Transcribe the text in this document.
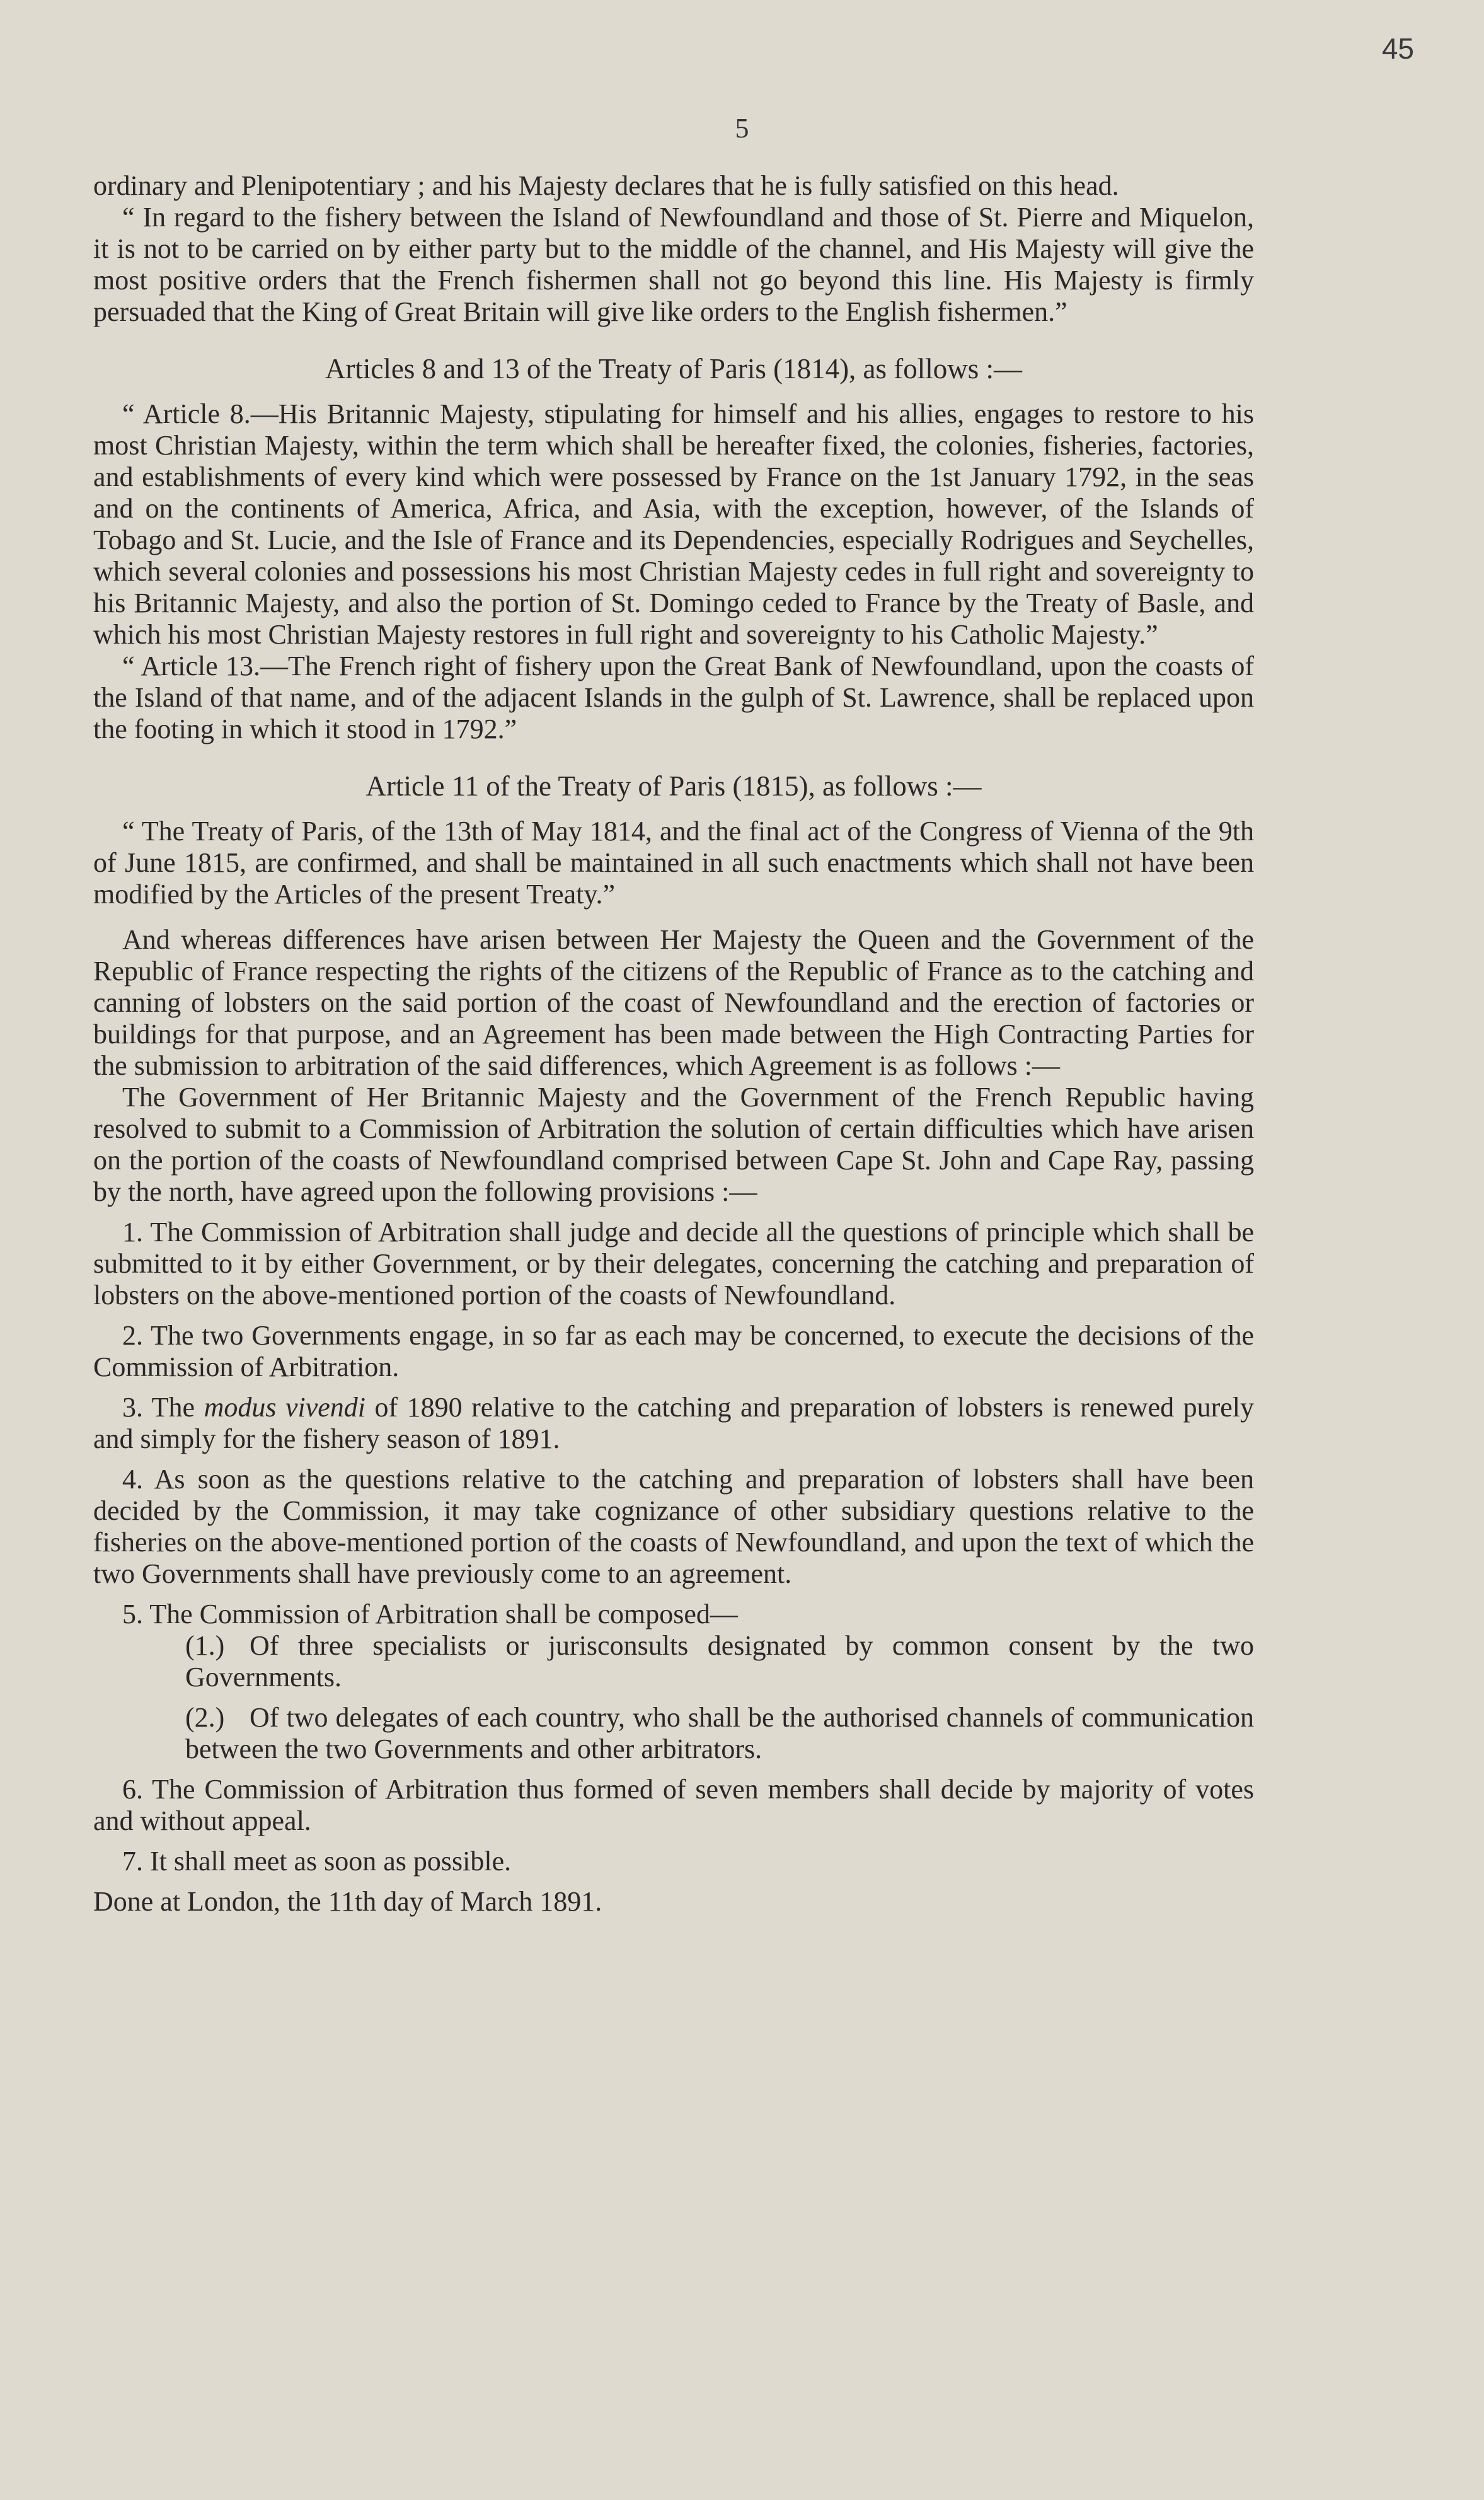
45
5

ordinary and Plenipotentiary ; and his Majesty declares that he is fully satisfied on this head.

“ In regard to the fishery between the Island of Newfoundland and those of St. Pierre and Miquelon, it is not to be carried on by either party but to the middle of the channel, and His Majesty will give the most positive orders that the French fishermen shall not go beyond this line. His Majesty is firmly persuaded that the King of Great Britain will give like orders to the English fishermen.”

Articles 8 and 13 of the Treaty of Paris (1814), as follows :—

“ Article 8.—His Britannic Majesty, stipulating for himself and his allies, engages to restore to his most Christian Majesty, within the term which shall be hereafter fixed, the colonies, fisheries, factories, and establishments of every kind which were possessed by France on the 1st January 1792, in the seas and on the continents of America, Africa, and Asia, with the exception, however, of the Islands of Tobago and St. Lucie, and the Isle of France and its Dependencies, especially Rodrigues and Seychelles, which several colonies and possessions his most Christian Majesty cedes in full right and sovereignty to his Britannic Majesty, and also the portion of St. Domingo ceded to France by the Treaty of Basle, and which his most Christian Majesty restores in full right and sovereignty to his Catholic Majesty.”

“ Article 13.—The French right of fishery upon the Great Bank of Newfoundland, upon the coasts of the Island of that name, and of the adjacent Islands in the gulph of St. Lawrence, shall be replaced upon the footing in which it stood in 1792.”

Article 11 of the Treaty of Paris (1815), as follows :—

“ The Treaty of Paris, of the 13th of May 1814, and the final act of the Congress of Vienna of the 9th of June 1815, are confirmed, and shall be maintained in all such enactments which shall not have been modified by the Articles of the present Treaty.”

And whereas differences have arisen between Her Majesty the Queen and the Government of the Republic of France respecting the rights of the citizens of the Republic of France as to the catching and canning of lobsters on the said portion of the coast of Newfoundland and the erection of factories or buildings for that purpose, and an Agreement has been made between the High Contracting Parties for the submission to arbitration of the said differences, which Agreement is as follows :—

The Government of Her Britannic Majesty and the Government of the French Republic having resolved to submit to a Commission of Arbitration the solution of certain difficulties which have arisen on the portion of the coasts of Newfoundland comprised between Cape St. John and Cape Ray, passing by the north, have agreed upon the following provisions :—

1. The Commission of Arbitration shall judge and decide all the questions of principle which shall be submitted to it by either Government, or by their delegates, concerning the catching and preparation of lobsters on the above-mentioned portion of the coasts of Newfoundland.

2. The two Governments engage, in so far as each may be concerned, to execute the decisions of the Commission of Arbitration.

3. The modus vivendi of 1890 relative to the catching and preparation of lobsters is renewed purely and simply for the fishery season of 1891.

4. As soon as the questions relative to the catching and preparation of lobsters shall have been decided by the Commission, it may take cognizance of other subsidiary questions relative to the fisheries on the above-mentioned portion of the coasts of Newfoundland, and upon the text of which the two Governments shall have previously come to an agreement.

5. The Commission of Arbitration shall be composed—

(1.) Of three specialists or jurisconsults designated by common consent by the two Governments.

(2.) Of two delegates of each country, who shall be the authorised channels of communication between the two Governments and other arbitrators.

6. The Commission of Arbitration thus formed of seven members shall decide by majority of votes and without appeal.

7. It shall meet as soon as possible.

Done at London, the 11th day of March 1891.
